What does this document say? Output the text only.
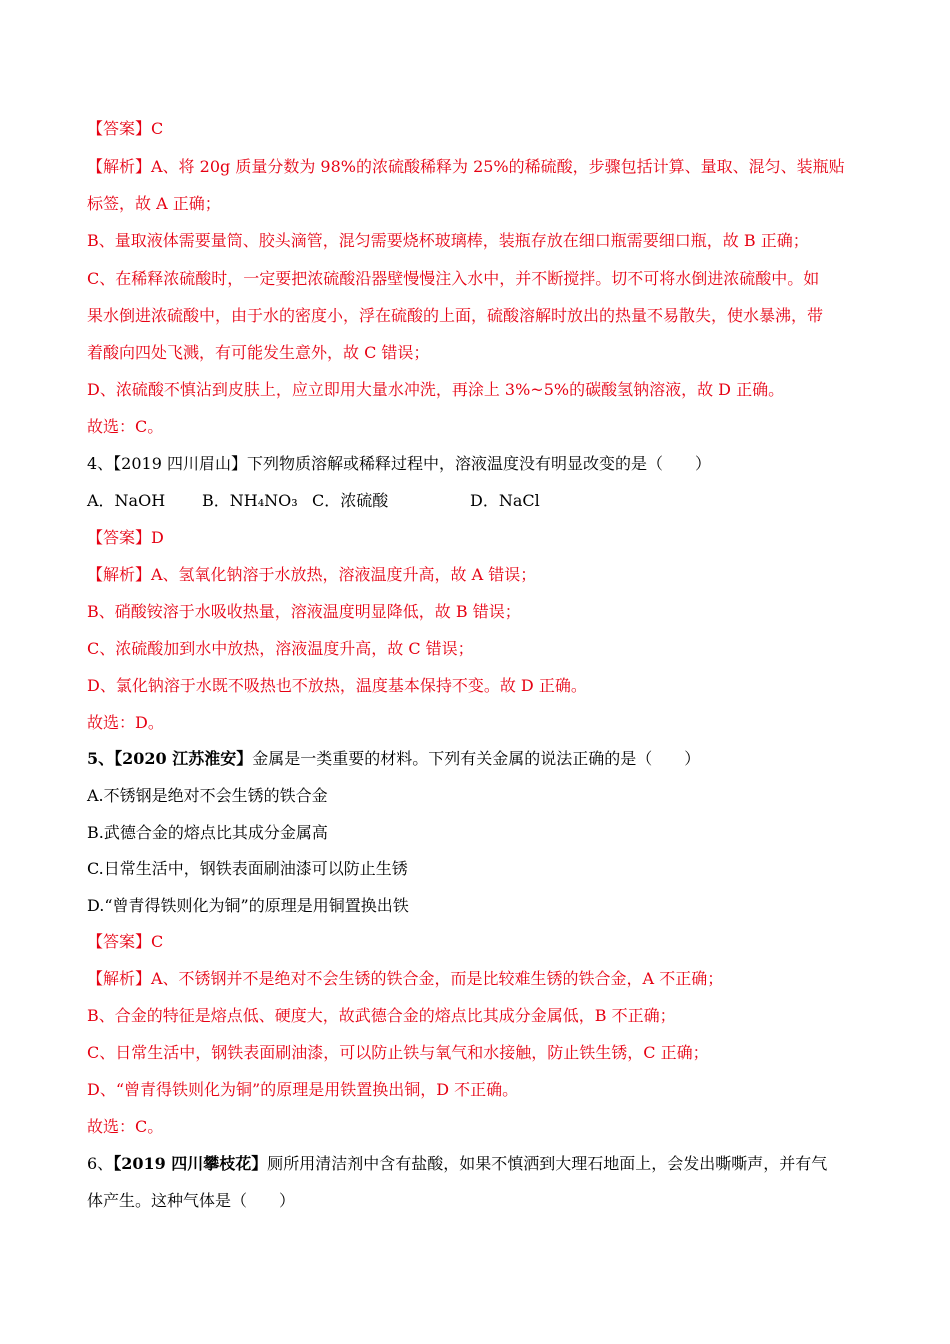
【答案】C
【解析】A、将 20g 质量分数为 98%的浓硫酸稀释为 25%的稀硫酸，步骤包括计算、量取、混匀、装瓶贴
标签，故 A 正确；
B、量取液体需要量筒、胶头滴管，混匀需要烧杯玻璃棒，装瓶存放在细口瓶需要细口瓶，故 B 正确；
C、在稀释浓硫酸时，一定要把浓硫酸沿器壁慢慢注入水中，并不断搅拌。切不可将水倒进浓硫酸中。如
果水倒进浓硫酸中，由于水的密度小，浮在硫酸的上面，硫酸溶解时放出的热量不易散失，使水暴沸，带
着酸向四处飞溅，有可能发生意外，故 C 错误；
D、浓硫酸不慎沾到皮肤上，应立即用大量水冲洗，再涂上 3%~5%的碳酸氢钠溶液，故 D 正确。
故选：C。
4、【2019 四川眉山】下列物质溶解或稀释过程中，溶液温度没有明显改变的是（　　）
A．NaOH B．NH₄NO₃ C．浓硫酸	D．NaCl
【答案】D
【解析】A、氢氧化钠溶于水放热，溶液温度升高，故 A 错误；
B、硝酸铵溶于水吸收热量，溶液温度明显降低，故 B 错误；
C、浓硫酸加到水中放热，溶液温度升高，故 C 错误；
D、氯化钠溶于水既不吸热也不放热，温度基本保持不变。故 D 正确。
故选：D。
5、【2020 江苏淮安】金属是一类重要的材料。下列有关金属的说法正确的是（　　）
A.不锈钢是绝对不会生锈的铁合金
B.武德合金的熔点比其成分金属高
C.日常生活中，钢铁表面刷油漆可以防止生锈
D.“曾青得铁则化为铜”的原理是用铜置换出铁
【答案】C
【解析】A、不锈钢并不是绝对不会生锈的铁合金，而是比较难生锈的铁合金，A 不正确；
B、合金的特征是熔点低、硬度大，故武德合金的熔点比其成分金属低，B 不正确；
C、日常生活中，钢铁表面刷油漆，可以防止铁与氧气和水接触，防止铁生锈，C 正确；
D、“曾青得铁则化为铜”的原理是用铁置换出铜，D 不正确。
故选：C。
6、【2019 四川攀枝花】厕所用清洁剂中含有盐酸，如果不慎洒到大理石地面上，会发出嘶嘶声，并有气
体产生。这种气体是（　　）
